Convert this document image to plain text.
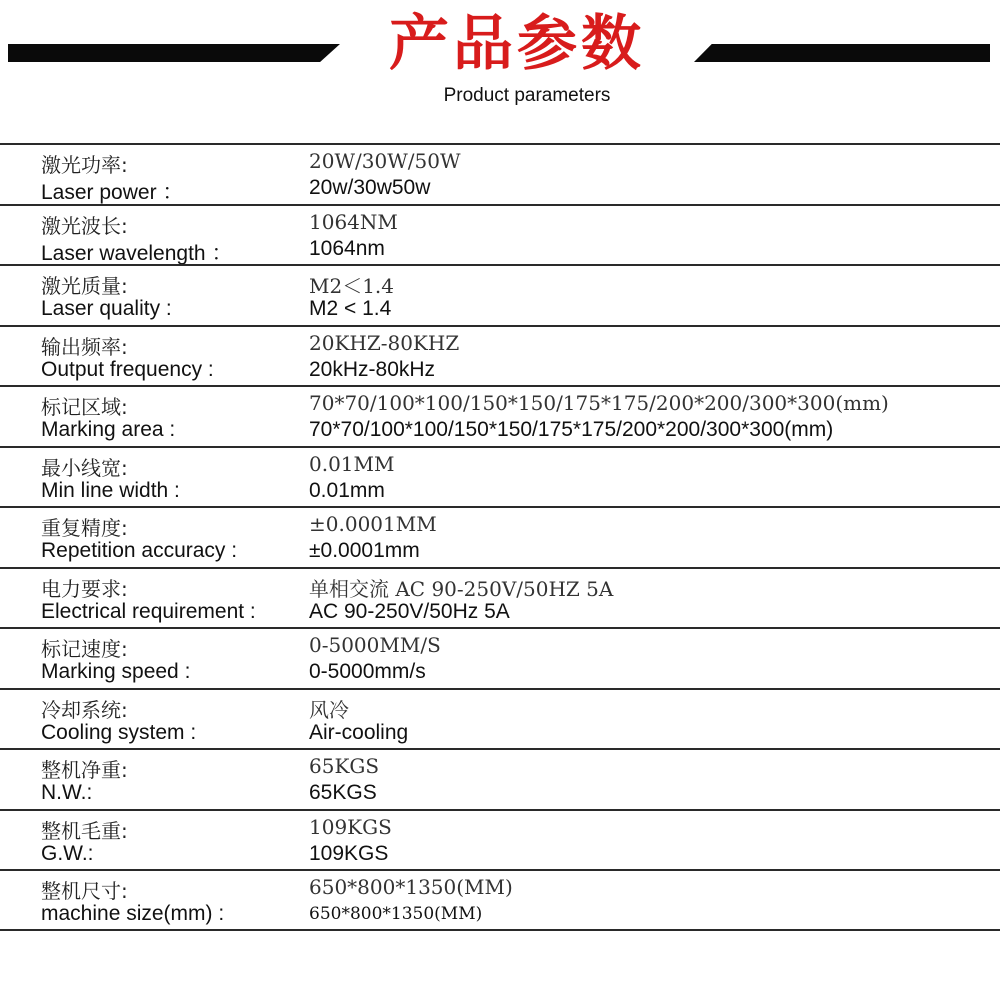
产品参数
Product parameters
激光功率:
Laser power ：
20W/30W/50W
20w/30w50w
激光波长:
Laser wavelength ：
1064NM
1064nm
激光质量:
Laser quality :
M2＜1.4
M2 < 1.4
输出频率:
Output frequency :
20KHZ-80KHZ
20kHz-80kHz
标记区域:
Marking area :
70*70/100*100/150*150/175*175/200*200/300*300(mm)
70*70/100*100/150*150/175*175/200*200/300*300(mm)
最小线宽:
Min line width :
0.01MM
0.01mm
重复精度:
Repetition accuracy :
±0.0001MM
±0.0001mm
电力要求:
Electrical requirement :
单相交流 AC 90-250V/50HZ 5A
AC 90-250V/50Hz 5A
标记速度:
Marking speed :
0-5000MM/S
0-5000mm/s
冷却系统:
Cooling system :
风冷
Air-cooling
整机净重:
N.W.:
65KGS
65KGS
整机毛重:
G.W.:
109KGS
109KGS
整机尺寸:
machine size(mm) :
650*800*1350(MM)
650*800*1350(MM)
